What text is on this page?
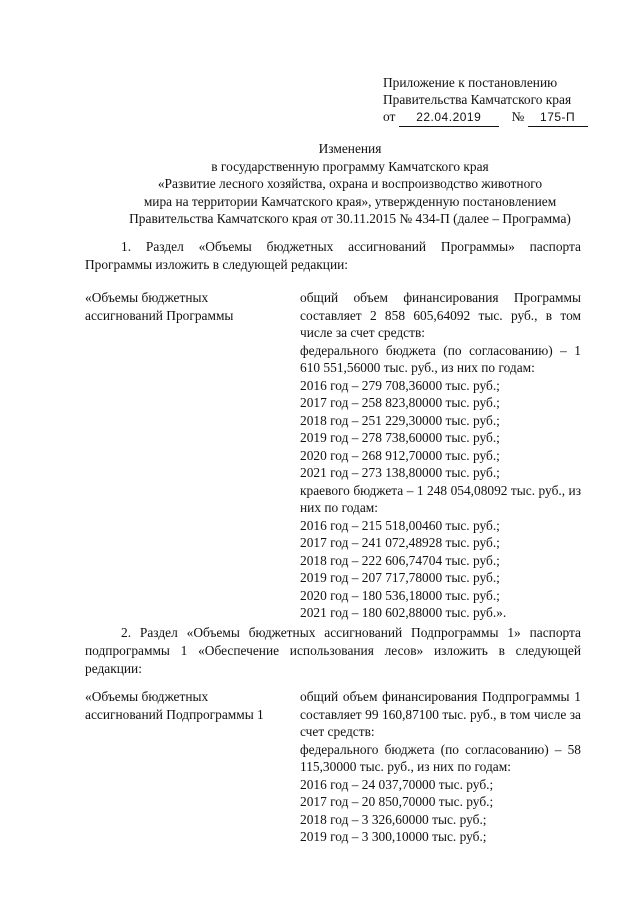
Приложение к постановлению
Правительства Камчатского края
от 22.04.2019 № 175-П
Изменения
в государственную программу Камчатского края
«Развитие лесного хозяйства, охрана и воспроизводство животного
мира на территории Камчатского края», утвержденную постановлением
Правительства Камчатского края от 30.11.2015 № 434-П (далее – Программа)
1. Раздел «Объемы бюджетных ассигнований Программы» паспорта Программы изложить в следующей редакции:
«Объемы бюджетных ассигнований Программы
общий объем финансирования Программы составляет 2 858 605,64092 тыс. руб., в том числе за счет средств:
федерального бюджета (по согласованию) – 1 610 551,56000 тыс. руб., из них по годам:
2016 год – 279 708,36000 тыс. руб.;
2017 год – 258 823,80000 тыс. руб.;
2018 год – 251 229,30000 тыс. руб.;
2019 год – 278 738,60000 тыс. руб.;
2020 год – 268 912,70000 тыс. руб.;
2021 год – 273 138,80000 тыс. руб.;
краевого бюджета – 1 248 054,08092 тыс. руб., из них по годам:
2016 год – 215 518,00460 тыс. руб.;
2017 год – 241 072,48928 тыс. руб.;
2018 год – 222 606,74704 тыс. руб.;
2019 год – 207 717,78000 тыс. руб.;
2020 год – 180 536,18000 тыс. руб.;
2021 год – 180 602,88000 тыс. руб.».
2. Раздел «Объемы бюджетных ассигнований Подпрограммы 1» паспорта подпрограммы 1 «Обеспечение использования лесов» изложить в следующей редакции:
«Объемы бюджетных ассигнований Подпрограммы 1
общий объем финансирования Подпрограммы 1 составляет 99 160,87100 тыс. руб., в том числе за счет средств:
федерального бюджета (по согласованию) – 58 115,30000 тыс. руб., из них по годам:
2016 год – 24 037,70000 тыс. руб.;
2017 год – 20 850,70000 тыс. руб.;
2018 год – 3 326,60000 тыс. руб.;
2019 год – 3 300,10000 тыс. руб.;
